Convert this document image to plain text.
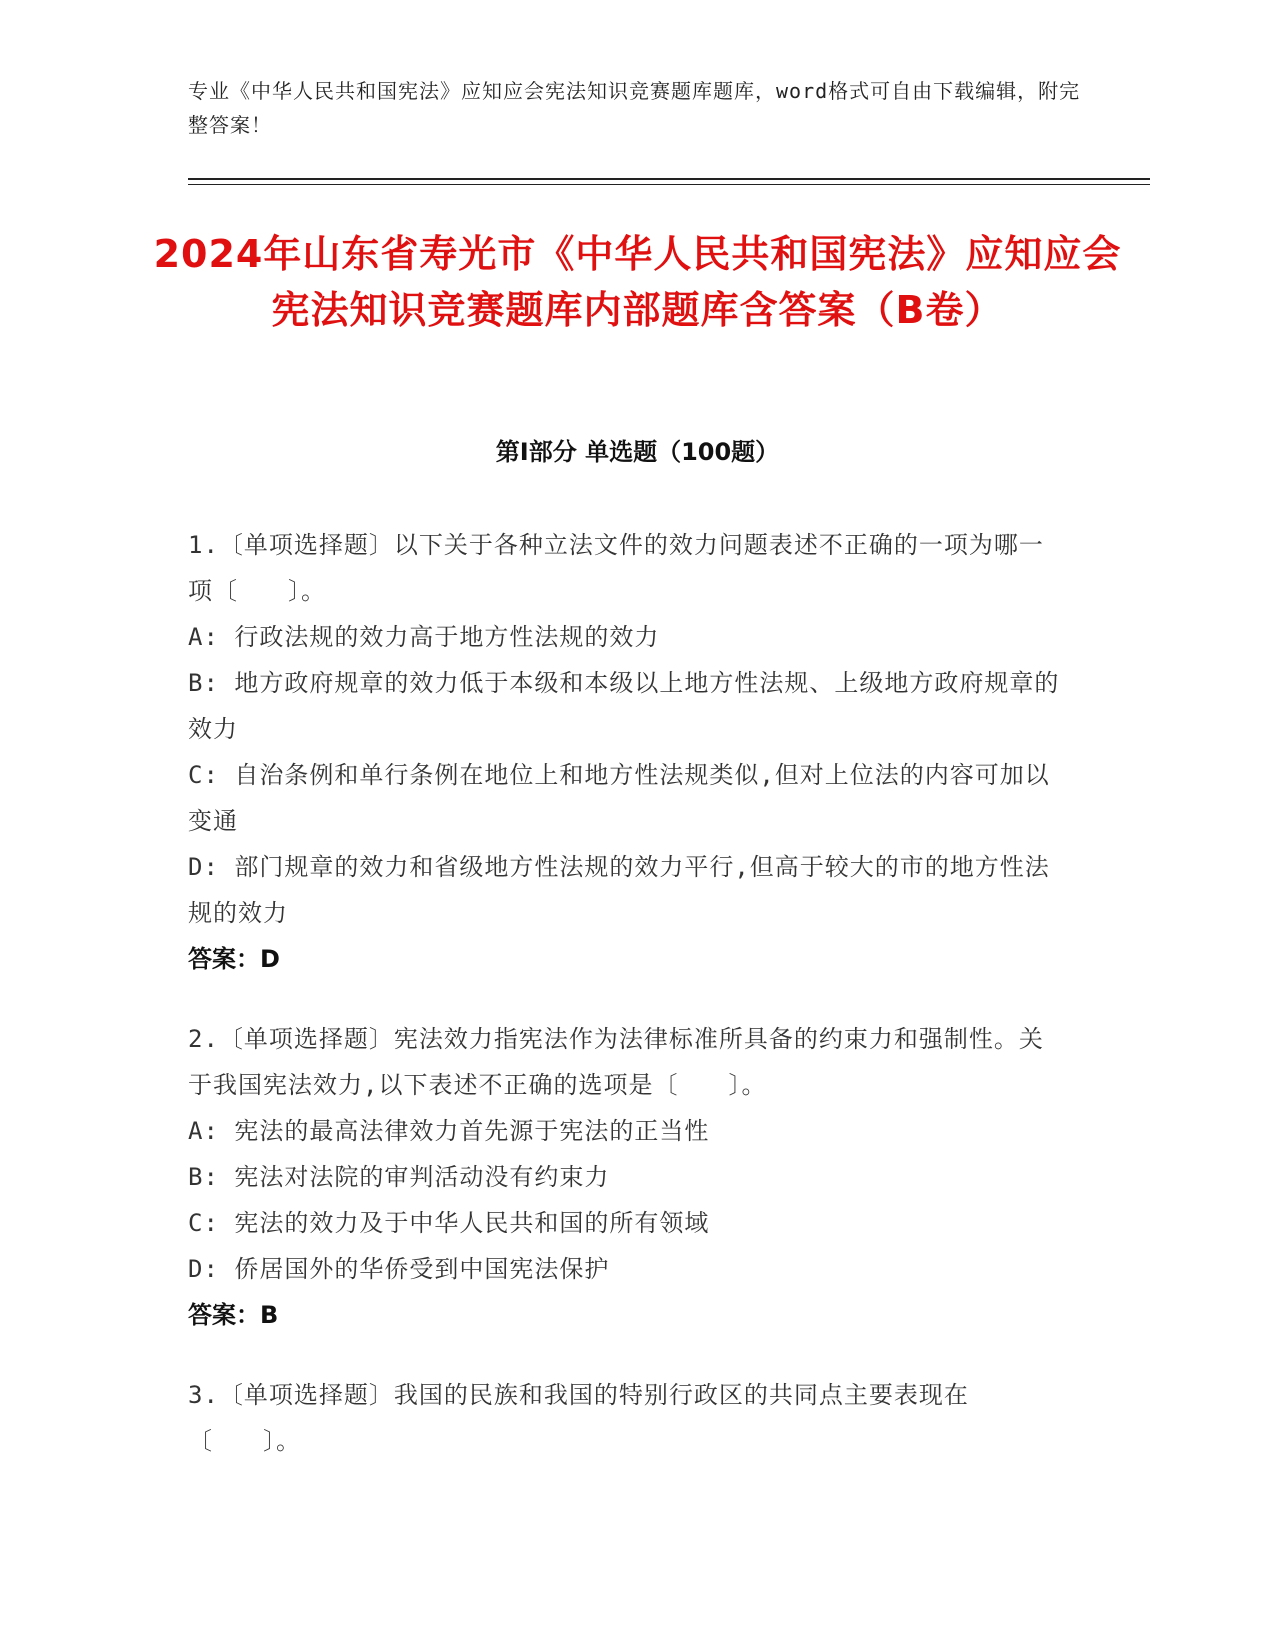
专业《中华人民共和国宪法》应知应会宪法知识竞赛题库题库，word格式可自由下载编辑，附完整答案！
2024年山东省寿光市《中华人民共和国宪法》应知应会宪法知识竞赛题库内部题库含答案（B卷）
第I部分 单选题（100题）
1.〔单项选择题〕以下关于各种立法文件的效力问题表述不正确的一项为哪一项〔　　〕。
A: 行政法规的效力高于地方性法规的效力
B: 地方政府规章的效力低于本级和本级以上地方性法规、上级地方政府规章的效力
C: 自治条例和单行条例在地位上和地方性法规类似,但对上位法的内容可加以变通
D: 部门规章的效力和省级地方性法规的效力平行,但高于较大的市的地方性法规的效力
答案：D
2.〔单项选择题〕宪法效力指宪法作为法律标准所具备的约束力和强制性。关于我国宪法效力,以下表述不正确的选项是〔　　〕。
A: 宪法的最高法律效力首先源于宪法的正当性
B: 宪法对法院的审判活动没有约束力
C: 宪法的效力及于中华人民共和国的所有领域
D: 侨居国外的华侨受到中国宪法保护
答案：B
3.〔单项选择题〕我国的民族和我国的特别行政区的共同点主要表现在〔　　〕。
